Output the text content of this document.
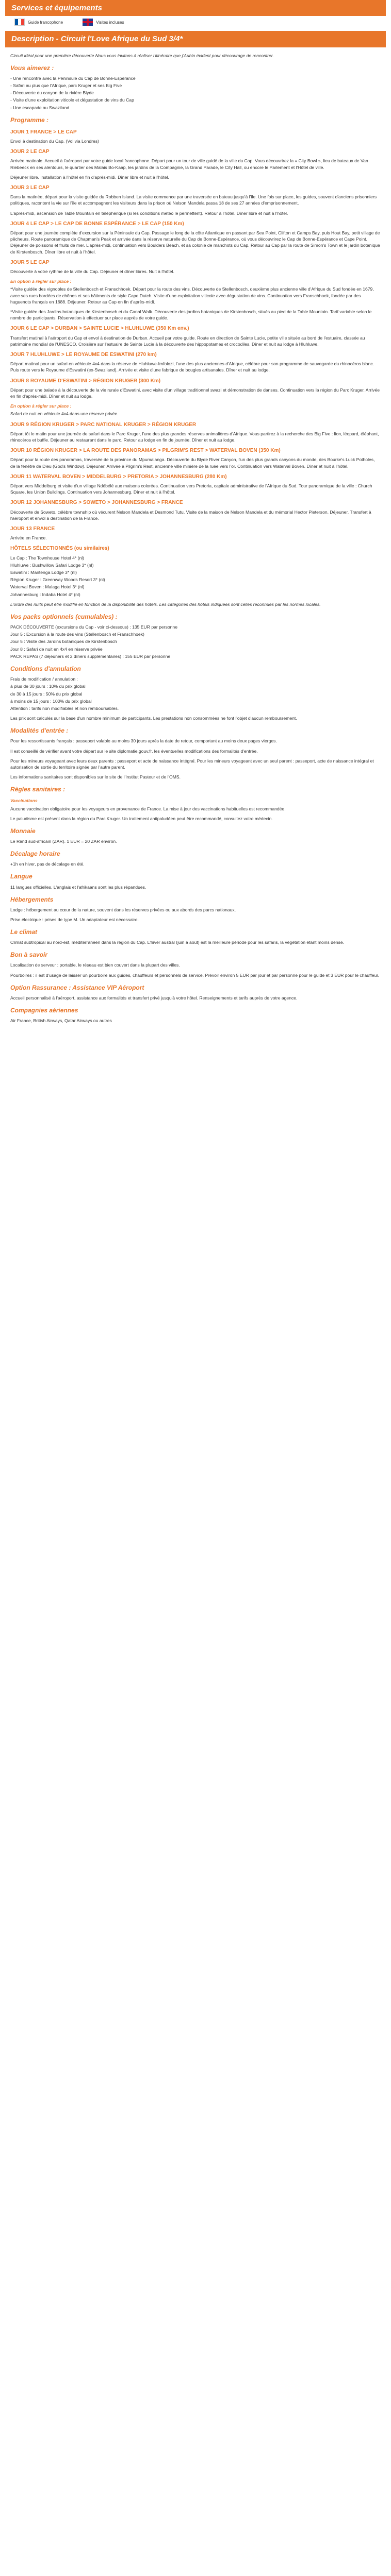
Services et équipements
Guide francophone	Visites incluses
Description - Circuit l'Love Afrique du Sud 3/4*

Circuit idéal pour une première découverte Nous vous invitons à réaliser l'itinéraire que j'Aubin évident pour découvrage de rencontrer.

Vous aimerez :
- Une rencontre avec la Péninsule du Cap de Bonne-Espérance
- Safari au plus que l'Afrique, parc Kruger et ses Big Five
- Découverte du canyon de la rivière Blyde
- Visite d'une exploitation viticole et dégustation de vins du Cap
- Une escapade au Swaziland
Programme :
JOUR 1 FRANCE > LE CAP

Envol à destination du Cap. (Vol via Londres)

JOUR 2 LE CAP

Arrivée matinale. Accueil à l'aéroport par votre guide local francophone. Départ pour un tour de ville guidé de la ville du Cap. Vous découvrirez la « City Bowl », lieu de bateaux de Van Riebeeck en ses alentours, le quartier des Malais Bo-Kaap, les jardins de la Compagnie, la Grand Parade, le City Hall, ou encore le Parlement et l'Hôtel de ville.

Déjeuner libre. Installation à l'hôtel en fin d'après-midi. Dîner libre et nuit à l'hôtel.

JOUR 3 LE CAP

Dans la matinée, départ pour la visite guidée du Robben Island. La visite commence par une traversée en bateau jusqu'à l'île. Une fois sur place, les guides, souvent d'anciens prisonniers politiques, racontent la vie sur l'île et accompagnent les visiteurs dans la prison où Nelson Mandela passa 18 de ses 27 années d'emprisonnement.

L'après-midi, ascension de Table Mountain en téléphérique (si les conditions météo le permettent). Retour à l'hôtel. Dîner libre et nuit à l'hôtel.

JOUR 4 LE CAP > LE CAP DE BONNE ESPÉRANCE > LE CAP (150 Km)

Départ pour une journée complète d'excursion sur la Péninsule du Cap. Passage le long de la côte Atlantique en passant par Sea Point, Clifton et Camps Bay, puis Hout Bay, petit village de pêcheurs. Route panoramique de Chapman's Peak et arrivée dans la réserve naturelle du Cap de Bonne-Espérance, où vous découvrirez le Cap de Bonne-Espérance et Cape Point. Déjeuner de poissons et fruits de mer. L'après-midi, continuation vers Boulders Beach, et sa colonie de manchots du Cap. Retour au Cap par la route de Simon's Town et le jardin botanique de Kirstenbosch. Dîner libre et nuit à l'hôtel.

JOUR 5 LE CAP

Découverte à votre rythme de la ville du Cap. Déjeuner et dîner libres. Nuit à l'hôtel.

En option à régler sur place :

*Visite guidée des vignobles de Stellenbosch et Franschhoek. Départ pour la route des vins. Découverte de Stellenbosch, deuxième plus ancienne ville d'Afrique du Sud fondée en 1679, avec ses rues bordées de chênes et ses bâtiments de style Cape Dutch. Visite d'une exploitation viticole avec dégustation de vins. Continuation vers Franschhoek, fondée par des huguenots français en 1688. Déjeuner. Retour au Cap en fin d'après-midi.

*Visite guidée des Jardins botaniques de Kirstenbosch et du Canal Walk. Découverte des jardins botaniques de Kirstenbosch, situés au pied de la Table Mountain. Tarif variable selon le nombre de participants. Réservation à effectuer sur place auprès de votre guide.

JOUR 6 LE CAP > DURBAN > SAINTE LUCIE > HLUHLUWE (350 Km env.)

Transfert matinal à l'aéroport du Cap et envol à destination de Durban. Accueil par votre guide. Route en direction de Sainte Lucie, petite ville située au bord de l'estuaire, classée au patrimoine mondial de l'UNESCO. Croisière sur l'estuaire de Sainte Lucie à la découverte des hippopotames et crocodiles. Dîner et nuit au lodge à Hluhluwe.

JOUR 7 HLUHLUWE > LE ROYAUME DE ESWATINI (270 km)

Départ matinal pour un safari en véhicule 4x4 dans la réserve de Hluhluwe-Imfolozi, l'une des plus anciennes d'Afrique, célèbre pour son programme de sauvegarde du rhinocéros blanc. Puis route vers le Royaume d'Eswatini (ex-Swaziland). Arrivée et visite d'une fabrique de bougies artisanales. Dîner et nuit au lodge.

JOUR 8 ROYAUME D'ESWATINI > RÉGION KRUGER (300 Km)

Départ pour une balade à la découverte de la vie rurale d'Eswatini, avec visite d'un village traditionnel swazi et démonstration de danses. Continuation vers la région du Parc Kruger. Arrivée en fin d'après-midi. Dîner et nuit au lodge.

En option à régler sur place :

Safari de nuit en véhicule 4x4 dans une réserve privée.

JOUR 9 RÉGION KRUGER > PARC NATIONAL KRUGER > RÉGION KRUGER

Départ tôt le matin pour une journée de safari dans le Parc Kruger, l'une des plus grandes réserves animalières d'Afrique. Vous partirez à la recherche des Big Five : lion, léopard, éléphant, rhinocéros et buffle. Déjeuner au restaurant dans le parc. Retour au lodge en fin de journée. Dîner et nuit au lodge.

JOUR 10 RÉGION KRUGER > LA ROUTE DES PANORAMAS > PILGRIM'S REST > WATERVAL BOVEN (350 Km)

Départ pour la route des panoramas, traversée de la province du Mpumalanga. Découverte du Blyde River Canyon, l'un des plus grands canyons du monde, des Bourke's Luck Potholes, de la fenêtre de Dieu (God's Window). Déjeuner. Arrivée à Pilgrim's Rest, ancienne ville minière de la ruée vers l'or. Continuation vers Waterval Boven. Dîner et nuit à l'hôtel.

JOUR 11 WATERVAL BOVEN > MIDDELBURG > PRETORIA > JOHANNESBURG (280 Km)

Départ vers Middelburg et visite d'un village Ndébélé aux maisons colorées. Continuation vers Pretoria, capitale administrative de l'Afrique du Sud. Tour panoramique de la ville : Church Square, les Union Buildings. Continuation vers Johannesburg. Dîner et nuit à l'hôtel.

JOUR 12 JOHANNESBURG > SOWETO > JOHANNESBURG > FRANCE

Découverte de Soweto, célèbre township où vécurent Nelson Mandela et Desmond Tutu. Visite de la maison de Nelson Mandela et du mémorial Hector Pieterson. Déjeuner. Transfert à l'aéroport et envol à destination de la France.

JOUR 13 FRANCE

Arrivée en France.

HÔTELS SÉLECTIONNÉS (ou similaires)
Le Cap : The Townhouse Hotel 4* (nl)
Hluhluwe : Bushwillow Safari Lodge 3* (nl)
Eswatini : Mantenga Lodge 3* (nl)
Région Kruger : Greenway Woods Resort 3* (nl)
Waterval Boven : Malaga Hotel 3* (nl)
Johannesburg : Indaba Hotel 4* (nl)

L'ordre des nuits peut être modifié en fonction de la disponibilité des hôtels. Les catégories des hôtels indiquées sont celles reconnues par les normes locales.

Vos packs optionnels (cumulables) :
PACK DÉCOUVERTE (excursions du Cap - voir ci-dessous) : 135 EUR par personne
Jour 5 : Excursion à la route des vins (Stellenbosch et Franschhoek)
Jour 5 : Visite des Jardins botaniques de Kirstenbosch
Jour 8 : Safari de nuit en 4x4 en réserve privée
PACK REPAS (7 déjeuners et 2 dîners supplémentaires) : 155 EUR par personne
Conditions d'annulation
Frais de modification / annulation :
à plus de 30 jours : 10% du prix global
de 30 à 15 jours : 50% du prix global
à moins de 15 jours : 100% du prix global
Attention : tarifs non modifiables et non remboursables.

Les prix sont calculés sur la base d'un nombre minimum de participants. Les prestations non consommées ne font l'objet d'aucun remboursement.

Modalités d'entrée :

Pour les ressortissants français : passeport valable au moins 30 jours après la date de retour, comportant au moins deux pages vierges.

Il est conseillé de vérifier avant votre départ sur le site diplomatie.gouv.fr, les éventuelles modifications des formalités d'entrée.

Pour les mineurs voyageant avec leurs deux parents : passeport et acte de naissance intégral. Pour les mineurs voyageant avec un seul parent : passeport, acte de naissance intégral et autorisation de sortie du territoire signée par l'autre parent.

Les informations sanitaires sont disponibles sur le site de l'Institut Pasteur et de l'OMS.

Règles sanitaires :
Vaccinations

Aucune vaccination obligatoire pour les voyageurs en provenance de France. La mise à jour des vaccinations habituelles est recommandée.

Le paludisme est présent dans la région du Parc Kruger. Un traitement antipaludéen peut être recommandé, consultez votre médecin.

Monnaie

Le Rand sud-africain (ZAR). 1 EUR = 20 ZAR environ.

Décalage horaire

+1h en hiver, pas de décalage en été.

Langue

11 langues officielles. L'anglais et l'afrikaans sont les plus répandues.

Hébergements

Lodge : hébergement au cœur de la nature, souvent dans les réserves privées ou aux abords des parcs nationaux.

Prise électrique : prises de type M. Un adaptateur est nécessaire.

Le climat

Climat subtropical au nord-est, méditerranéen dans la région du Cap. L'hiver austral (juin à août) est la meilleure période pour les safaris, la végétation étant moins dense.

Bon à savoir

Localisation de serveur : portable, le réseau est bien couvert dans la plupart des villes.

Pourboires : il est d'usage de laisser un pourboire aux guides, chauffeurs et personnels de service. Prévoir environ 5 EUR par jour et par personne pour le guide et 3 EUR pour le chauffeur.

Option Rassurance : Assistance VIP Aéroport

Accueil personnalisé à l'aéroport, assistance aux formalités et transfert privé jusqu'à votre hôtel. Renseignements et tarifs auprès de votre agence.

Compagnies aériennes

Air France, British Airways, Qatar Airways ou autres
